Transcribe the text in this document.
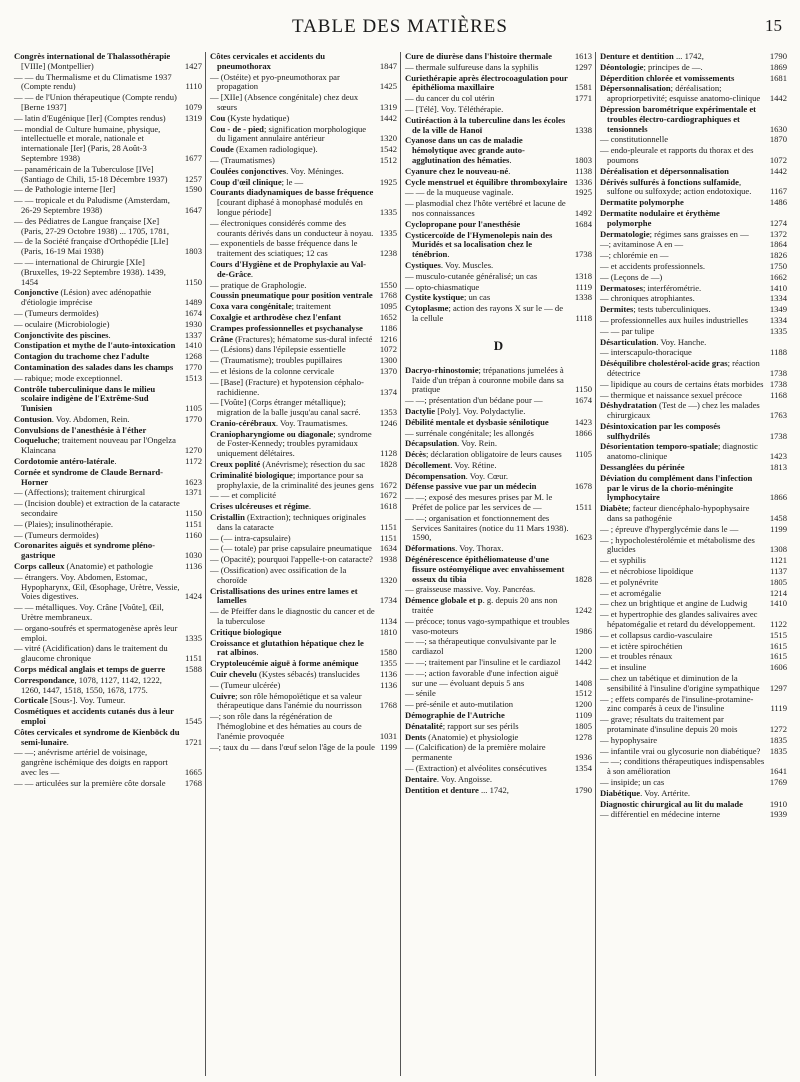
TABLE DES MATIÈRES	15
Congrès international de Thalassothérapie [VIIIe] (Montpellier)	1427
— — du Thermalisme et du Climatisme 1937 (Compte rendu)	1110
— — de l'Union thérapeutique (Compte rendu) [Berne 1937]	1079
— latin d'Eugénique [Ier] (Comptes rendus)	1319
— mondial de Culture humaine, physique, intellectuelle et morale, nationale et internationale [Ier] (Paris, 28 Août-3 Septembre 1938)	1677
— panaméricain de la Tuberculose [IVe] (Santiago de Chili, 15-18 Décembre 1937)	1257
— de Pathologie interne [Ier]	1590
— — tropicale et du Paludisme (Amsterdam, 26-29 Septembre 1938)	1647
— des Pédiatres de Langue française [Xe] (Paris, 27-29 Octobre 1938) ... 1705, 1781,
— de la Société française d'Orthopédie [LIe] (Paris, 16-19 Mai 1938)	1803
— — international de Chirurgie [XIe] (Bruxelles, 19-22 Septembre 1938). 1439, 1454	1150
Conjonctive (Lésion) avec adénopathie d'étiologie imprécise	1489
— (Tumeurs dermoïdes)	1674
— oculaire (Microbiologie)	1930
Conjonctivite des piscines.	1337
Constipation et mythe de l'auto-intoxication	1410
Contagion du trachome chez l'adulte	1268
Contamination des salades dans les champs	1770
— rabique; mode exceptionnel.	1513
Contrôle tuberculinique dans le milieu scolaire indigène de l'Extrême-Sud Tunisien	1105
Contusion. Voy. Abdomen, Rein.	1770
Convulsions de l'anesthésie à l'éther
Coqueluche; traitement nouveau par l'Ongelza Klaincana	1270
Cordotomie antéro-latérale.	1172
Cornée et syndrome de Claude Bernard-Horner	1623
— (Affections); traitement chirurgical	1371
— (Incision double) et extraction de la cataracte secondaire	1150
— (Plaies); insulinothérapie.	1151
— (Tumeurs dermoïdes)	1160
Coronarites aiguës et syndrome pléno-gastrique	1030
Corps calleux (Anatomie) et pathologie	1136
— étrangers. Voy. Abdomen, Estomac, Hypopharynx, Œil, Œsophage, Urètre, Vessie, Voies digestives.	1424
— — métalliques. Voy. Crâne [Voûte], Œil, Urètre membraneux.
— organo-soufrés et spermatogenèse après leur emploi.	1335
— vitré (Acidification) dans le traitement du glaucome chronique	1151
Corps médical anglais et temps de guerre	1588
Correspondance, 1078, 1127, 1142, 1222, 1260, 1447, 1518, 1550, 1678, 1775.
Corticale [Sous-]. Voy. Tumeur.
Cosmétiques et accidents cutanés dus à leur emploi	1545
Côtes cervicales et syndrome de Kienböck du semi-lunaire.	1721
— —; anévrisme artériel de voisinage, gangrène ischémique des doigts en rapport avec les —	1665
— — articulées sur la première côte dorsale	1768
Côtes cervicales et accidents du pneumothorax	1847
— (Ostéite) et pyo-pneumothorax par propagation	1425
— [XIIe] (Absence congénitale) chez deux sœurs	1319
Cou (Kyste hydatique)	1442
Cou - de - pied; signification morphologique du ligament annulaire antérieur	1320
Coude (Examen radiologique).	1542
— (Traumatismes)	1512
Coulées conjonctives. Voy. Méninges.
Coup d'œil clinique; le —	1925
Courants diadynamiques de basse fréquence [courant diphasé à monophasé modulés en longue période]	1335
— électroniques considérés comme des courants dérivés dans un conducteur à noyau. 1335
— exponentiels de basse fréquence dans le traitement des sciatiques; 12 cas	1238
Cours d'Hygiène et de Prophylaxie au Val-de-Grâce.
— pratique de Graphologie.	1550
Coussin pneumatique pour position ventrale 1768
Coxa vara congénitale; traitement	1095
Coxalgie et arthrodèse chez l'enfant	1652
Crampes professionnelles et psychanalyse	1186
Crâne (Fractures); hématome sus-dural infecté 1216
— (Lésions) dans l'épilepsie essentielle	1072
— (Traumatisme); troubles pupillaires	1300
— et lésions de la colonne cervicale	1370
— [Base] (Fracture) et hypotension céphalo-rachidienne.	1374
— [Voûte] (Corps étranger métallique); migration de la balle jusqu'au canal sacré.	1353
Cranio-cérébraux. Voy. Traumatismes.	1246
Craniopharyngiome ou diagonale; syndrome de Foster-Kennedy; troubles pyramidaux uniquement délétaires.	1128
Creux poplité (Anévrisme); résection du sac	1828
Criminalité biologique; importance pour sa prophylaxie, de la criminalité des jeunes gens 1672
— — et complicité	1672
Crises ulcéreuses et régime.	1618
Cristallin (Extraction); techniques originales dans la cataracte	1151
— (— intra-capsulaire)	1151
— (— totale) par prise capsulaire pneumatique 1634
— (Opacité); pourquoi l'appelle-t-on cataracte? 1938
— (Ossification) avec ossification de la choroïde	1320
Cristallisations des urines entre lames et lamelles	1734
— de Pfeiffer dans le diagnostic du cancer et de la tuberculose	1134
Critique biologique	1810
Croissance et glutathion hépatique chez le rat albinos.	1580
Cryptoleucémie aiguë à forme anémique	1355
Cuir chevelu (Kystes sébacés) translucides	1136
— (Tumeur ulcérée)	1136
Cuivre; son rôle hémopoïétique et sa valeur thérapeutique dans l'anémie du nourrisson	1768
—; son rôle dans la régénération de l'hémoglobine et des hématies au cours de l'anémie provoquée	1031
—; taux du — dans l'œuf selon l'âge de la poule 1199
Cure de diurèse dans l'histoire thermale	1613
— thermale sulfureuse dans la syphilis	1297
Curiethérapie après électrocoagulation pour épithélioma maxillaire	1581
— du cancer du col utérin	1771
— [Télé]. Voy. Téléthérapie.
Cutiréaction à la tuberculine dans les écoles de la ville de Hanoï	1338
Cyanose dans un cas de maladie hémolytique avec grande auto-agglutination des hématies.	1803
Cyanure chez le nouveau-né.	1138
Cycle menstruel et équilibre thromboxylaire 1336
— — de la muqueuse vaginale.	1925
— plasmodial chez l'hôte vertébré et lacune de nos connaissances	1492
Cyclopropane pour l'anesthésie	1684
Cysticercoïde de l'Hymenolepis nain des Muridés et sa localisation chez le ténébrion.	1738
Cystiques. Voy. Muscles.
— musculo-cutanée généralisé; un cas	1318
— opto-chiasmatique	1119
Cystite kystique; un cas	1338
Cytoplasme; action des rayons X sur le — de la cellule	1118
D
Dacryo-rhinostomie; trépanations jumelées à l'aide d'un trépan à couronne mobile dans sa pratique	1150
— —; présentation d'un bédane pour —	1674
Dactylie [Poly]. Voy. Polydactylie.
Débilité mentale et dysbasie sénilotique	1423
— surrénale congénitale; les allongés	1866
Décapsulation. Voy. Rein.
Décès; déclaration obligatoire de leurs causes	1105
Décollement. Voy. Rétine.
Décompensation. Voy. Cœur.
Défense passive vue par un médecin	1678
— —; exposé des mesures prises par M. le Préfet de police par les services de —	1511
— —; organisation et fonctionnement des Services Sanitaires (notice du 11 Mars 1938). 1590,	1623
Déformations. Voy. Thorax.
Dégénérescence épithéliomateuse d'une fissure ostéomyélique avec envahissement osseux du tibia	1828
— graisseuse massive. Voy. Pancréas.
Démence globale et p. g. depuis 20 ans non traitée	1242
— précoce; tonus vago-sympathique et troubles vaso-moteurs	1986
— —; sa thérapeutique convulsivante par le cardiazol	1200
— —; traitement par l'insuline et le cardiazol	1442
— —; action favorable d'une infection aiguë sur une — évoluant depuis 5 ans	1408
— sénile	1512
— pré-sénile et auto-mutilation	1200
Démographie de l'Autriche	1109
Dénatalité; rapport sur ses périls	1805
Dents (Anatomie) et physiologie	1278
— (Calcification) de la première molaire permanente	1936
— (Extraction) et alvéolites consécutives	1354
Dentaire. Voy. Angoisse.
Dentition et denture ... 1742,	1790
Denture et dentition ... 1742,	1790
Déontologie; principes de —.	1869
Déperdition chlorée et vomissements	1681
Dépersonnalisation; déréalisation; apropriorpetivité; esquisse anatomo-clinique	1442
Dépression barométrique expérimentale et troubles électro-cardiographiques et tensionnels	1630
— constitutionnelle	1870
— endo-pleurale et rapports du thorax et des poumons	1072
Déréalisation et dépersonnalisation	1442
Dérivés sulfurés à fonctions sulfamide, sulfone ou sulfoxyde; action endotoxique.	1167
Dermatite polymorphe	1486
Dermatite nodulaire et érythème polymorphe	1274
Dermatologie; régimes sans graisses en —	1372
—; avitaminose A en —	1864
—; chlorémie en —	1826
— et accidents professionnels.	1750
— (Leçons de —)	1662
Dermatoses; interférométrie.	1410
— chroniques atrophiantes.	1334
Dermites; tests tuberculiniques.	1349
— professionnelles aux huiles industrielles	1334
— — par tulipe	1335
Désarticulation. Voy. Hanche.
— interscapulo-thoracique	1188
Déséquilibre cholestérol-acide gras; réaction détectrice	1738
— lipidique au cours de certains états morbides 1738
— thermique et naissance sexuel précoce	1168
Déshydratation (Test de —) chez les malades chirurgicaux	1763
Désintoxication par les composés sulfhydrilés	1738
Désorientation temporo-spatiale; diagnostic anatomo-clinique	1423
Dessanglées du périnée	1813
Déviation du complément dans l'infection par le virus de la chorio-méningite lymphocytaire	1866
Diabète; facteur diencéphalo-hypophysaire dans sa pathogénie	1458
— ; épreuve d'hyperglycémie dans le —	1199
— ; hypocholestérolémie et métabolisme des glucides	1308
— et syphilis	1121
— et nécrobiose lipoïdique	1137
— et polynévrite	1805
— et acromégalie	1214
— chez un brightique et angine de Ludwig	1410
— et hypertrophie des glandes salivaires avec hépatomégalie et retard du développement.	1122
— et collapsus cardio-vasculaire	1515
— et ictère spirochétien	1615
— et troubles rénaux	1615
— et insuline	1606
— chez un tabétique et diminution de la sensibilité à l'insuline d'origine sympathique	1297
— ; effets comparés de l'insuline-protamine-zinc comparés à ceux de l'insuline	1119
— grave; résultats du traitement par protaminate d'insuline depuis 20 mois	1272
— hypophysaire	1835
— infantile vrai ou glycosurie non diabétique?	1835
— —; conditions thérapeutiques indispensables à son amélioration	1641
— insipide; un cas	1769
Diabétique. Voy. Artérite.
Diagnostic chirurgical au lit du malade	1910
— différentiel en médecine interne	1939
